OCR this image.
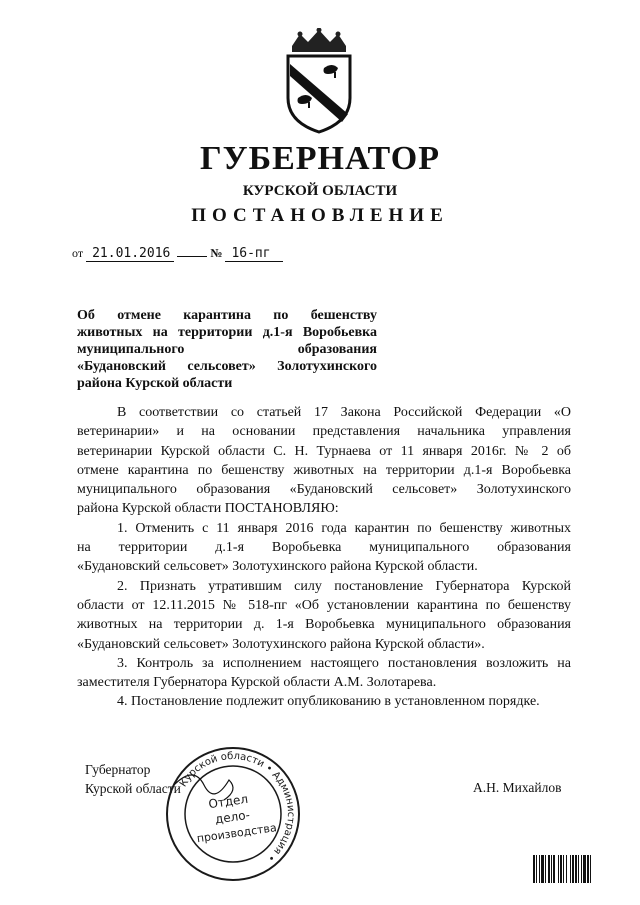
ГУБЕРНАТОР
КУРСКОЙ ОБЛАСТИ
ПОСТАНОВЛЕНИЕ
от 21.01.2016	№ 16-пг
Об отмене карантина по бешенству
животных на территории д.1-я Воробьевка
муниципального образования
«Будановский сельсовет» Золотухинского
района Курской области
В соответствии со статьей 17 Закона Российской Федерации «О
ветеринарии» и на основании представления начальника управления
ветеринарии Курской области С. Н. Турнаева от 11 января 2016г. № 2 об
отмене карантина по бешенству животных на территории д.1-я Воробьевка
муниципального образования «Будановский сельсовет» Золотухинского
района Курской области ПОСТАНОВЛЯЮ:
1. Отменить с 11 января 2016 года карантин по бешенству животных
на территории д.1-я Воробьевка муниципального образования
«Будановский сельсовет» Золотухинского района Курской области.
2. Признать утратившим силу постановление Губернатора Курской
области от 12.11.2015 № 518-пг «Об установлении карантина по бешенству
животных на территории д. 1-я Воробьевка муниципального образования
«Будановский сельсовет» Золотухинского района Курской области».
3. Контроль за исполнением настоящего постановления возложить на
заместителя Губернатора Курской области А.М. Золотарева.
4. Постановление подлежит опубликованию в установленном порядке.
Губернатор
Курской области	А.Н. Михайлов
Курской области • Администрация •
Отдел
дело-
производства
